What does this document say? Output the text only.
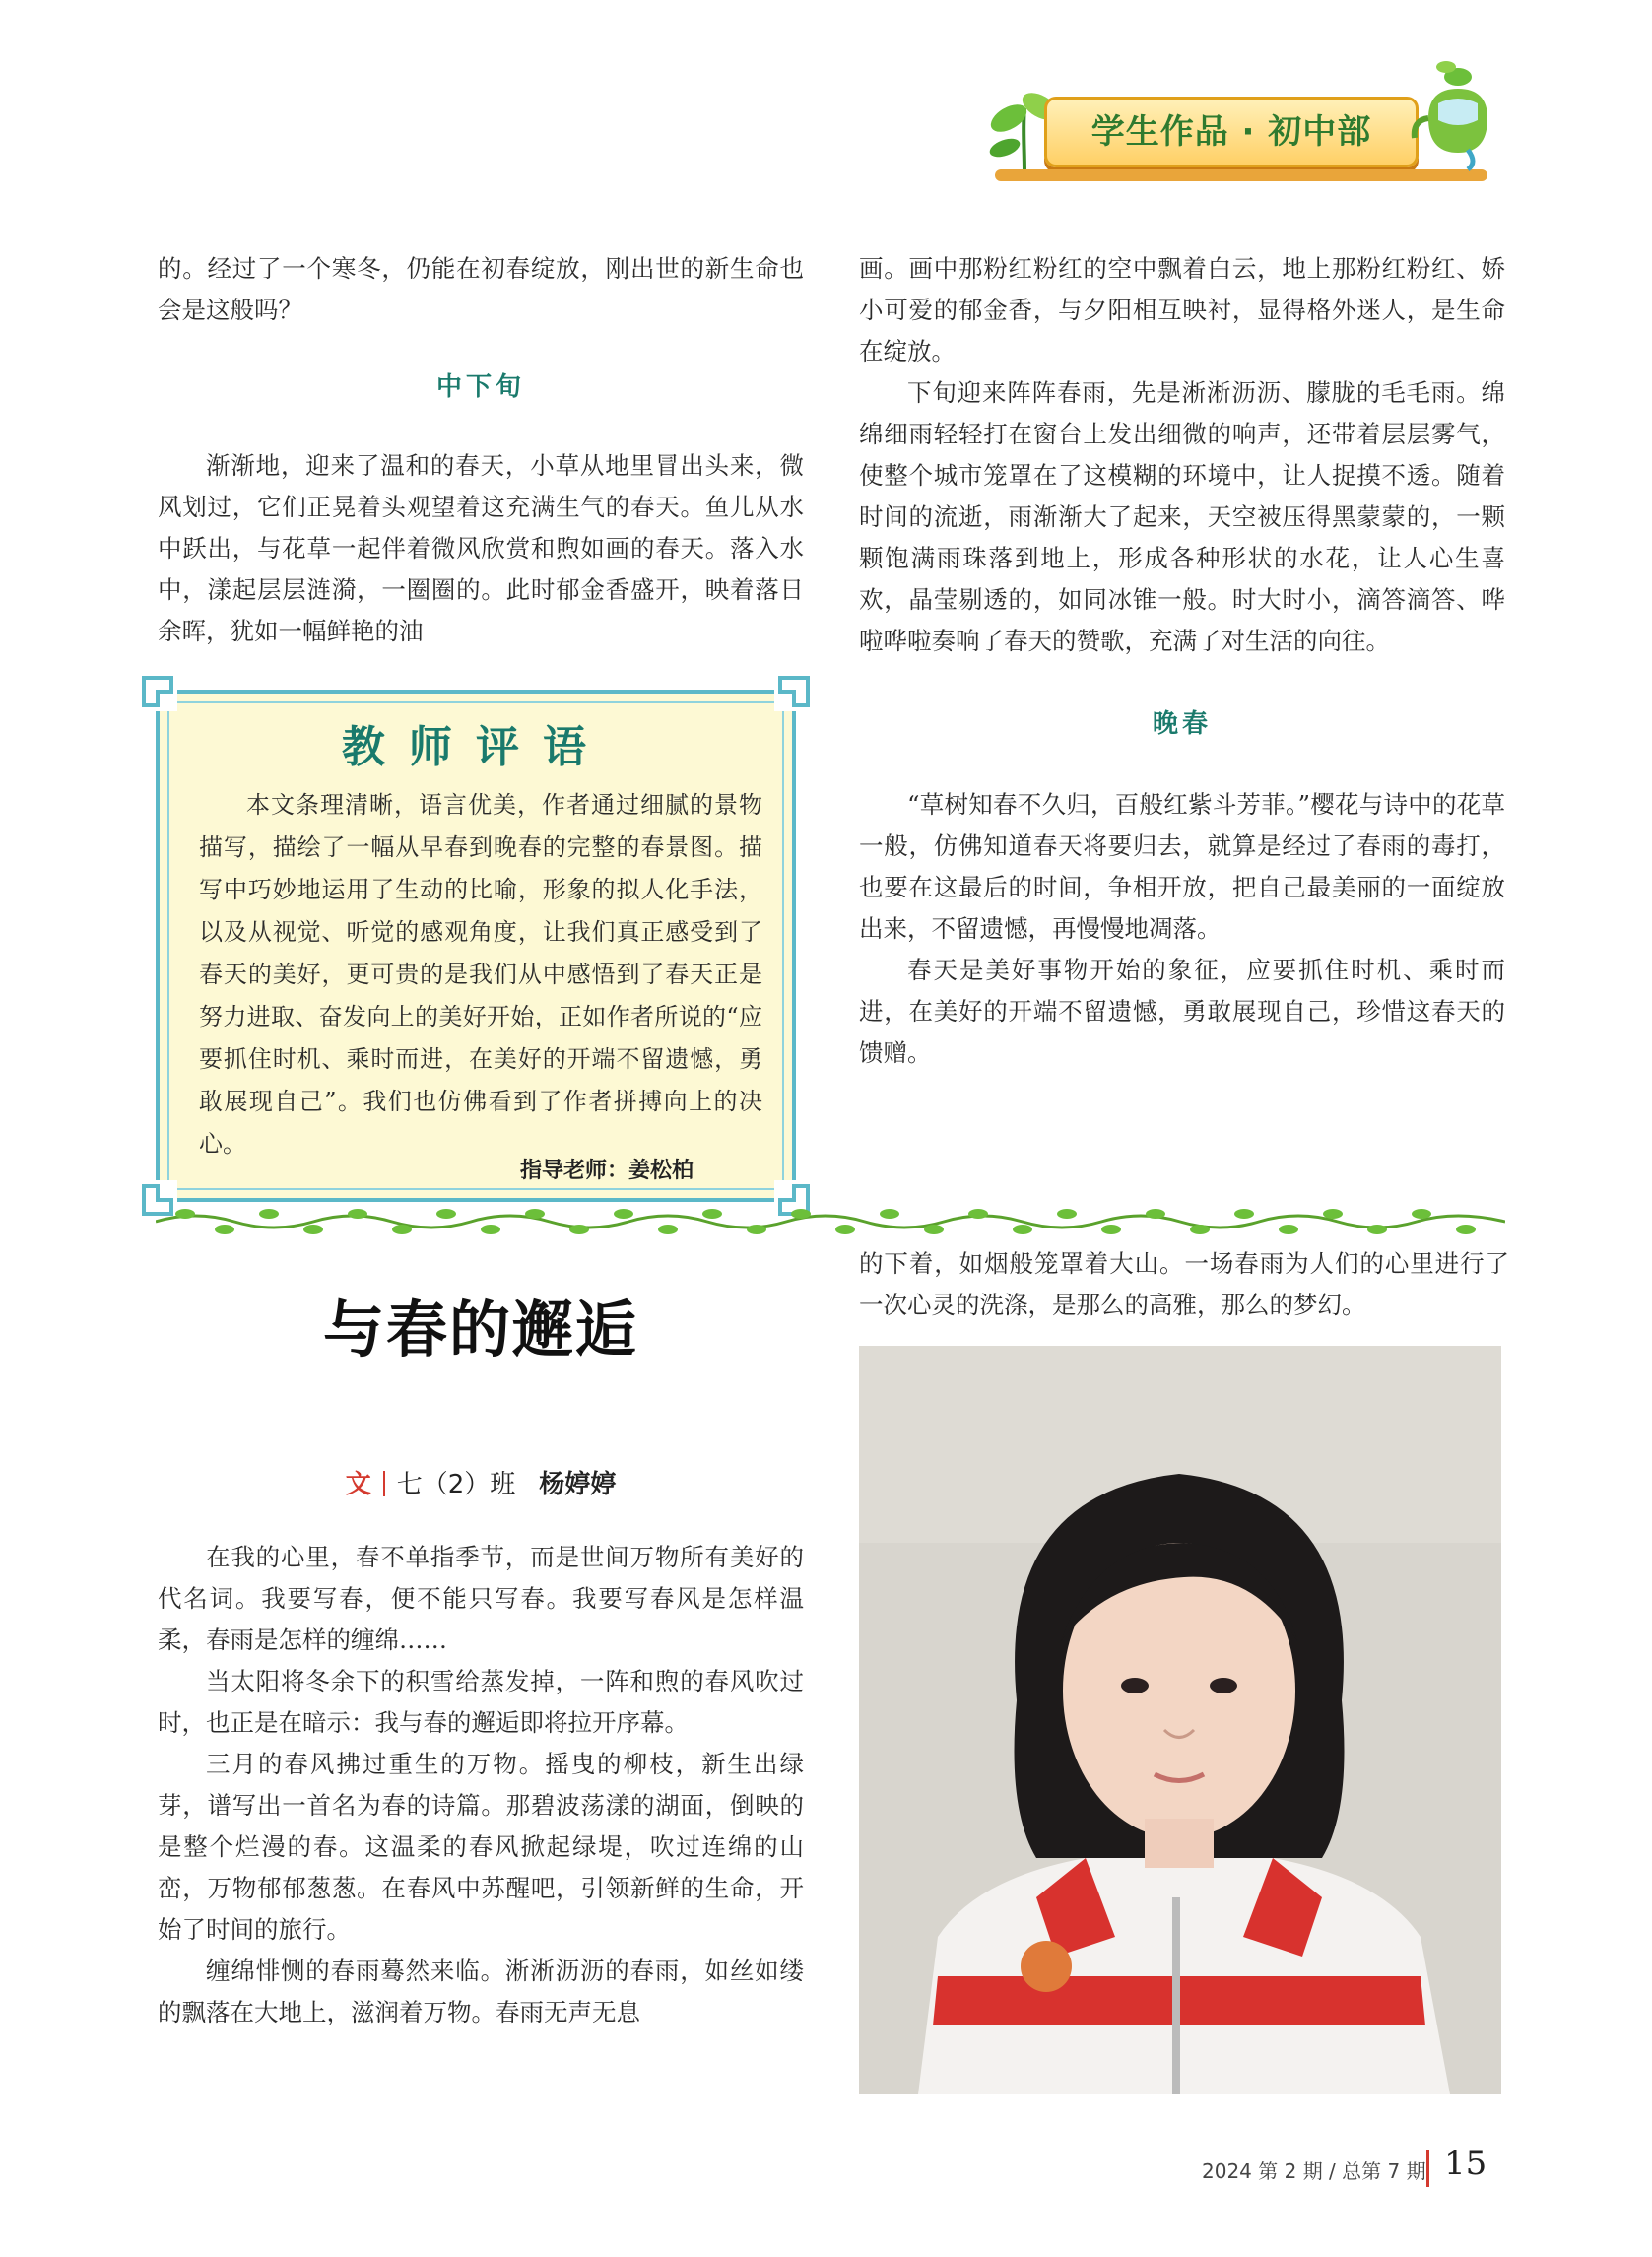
学生作品 · 初中部

的。经过了一个寒冬，仍能在初春绽放，刚出世的新生命也会是这般吗？

中下旬

渐渐地，迎来了温和的春天，小草从地里冒出头来，微风划过，它们正晃着头观望着这充满生气的春天。鱼儿从水中跃出，与花草一起伴着微风欣赏和煦如画的春天。落入水中，漾起层层涟漪，一圈圈的。此时郁金香盛开，映着落日余晖，犹如一幅鲜艳的油

教师评语
本文条理清晰，语言优美，作者通过细腻的景物描写，描绘了一幅从早春到晚春的完整的春景图。描写中巧妙地运用了生动的比喻，形象的拟人化手法，以及从视觉、听觉的感观角度，让我们真正感受到了春天的美好，更可贵的是我们从中感悟到了春天正是努力进取、奋发向上的美好开始，正如作者所说的“应要抓住时机、乘时而进，在美好的开端不留遗憾，勇敢展现自己”。我们也仿佛看到了作者拼搏向上的决心。
指导老师：姜松柏

画。画中那粉红粉红的空中飘着白云，地上那粉红粉红、娇小可爱的郁金香，与夕阳相互映衬，显得格外迷人，是生命在绽放。

下旬迎来阵阵春雨，先是淅淅沥沥、朦胧的毛毛雨。绵绵细雨轻轻打在窗台上发出细微的响声，还带着层层雾气，使整个城市笼罩在了这模糊的环境中，让人捉摸不透。随着时间的流逝，雨渐渐大了起来，天空被压得黑蒙蒙的，一颗颗饱满雨珠落到地上，形成各种形状的水花，让人心生喜欢，晶莹剔透的，如同冰锥一般。时大时小，滴答滴答、哗啦哗啦奏响了春天的赞歌，充满了对生活的向往。

晚春

“草树知春不久归，百般红紫斗芳菲。”樱花与诗中的花草一般，仿佛知道春天将要归去，就算是经过了春雨的毒打，也要在这最后的时间，争相开放，把自己最美丽的一面绽放出来，不留遗憾，再慢慢地凋落。

春天是美好事物开始的象征，应要抓住时机、乘时而进，在美好的开端不留遗憾，勇敢展现自己，珍惜这春天的馈赠。

与春的邂逅
文 七（2）班 杨婷婷

在我的心里，春不单指季节，而是世间万物所有美好的代名词。我要写春，便不能只写春。我要写春风是怎样温柔，春雨是怎样的缠绵……

当太阳将冬余下的积雪给蒸发掉，一阵和煦的春风吹过时，也正是在暗示：我与春的邂逅即将拉开序幕。

三月的春风拂过重生的万物。摇曳的柳枝，新生出绿芽，谱写出一首名为春的诗篇。那碧波荡漾的湖面，倒映的是整个烂漫的春。这温柔的春风掀起绿堤，吹过连绵的山峦，万物郁郁葱葱。在春风中苏醒吧，引领新鲜的生命，开始了时间的旅行。

缠绵悱恻的春雨蓦然来临。淅淅沥沥的春雨，如丝如缕的飘落在大地上，滋润着万物。春雨无声无息

的下着，如烟般笼罩着大山。一场春雨为人们的心里进行了一次心灵的洗涤，是那么的高雅，那么的梦幻。

2024 第 2 期 / 总第 7 期 15
